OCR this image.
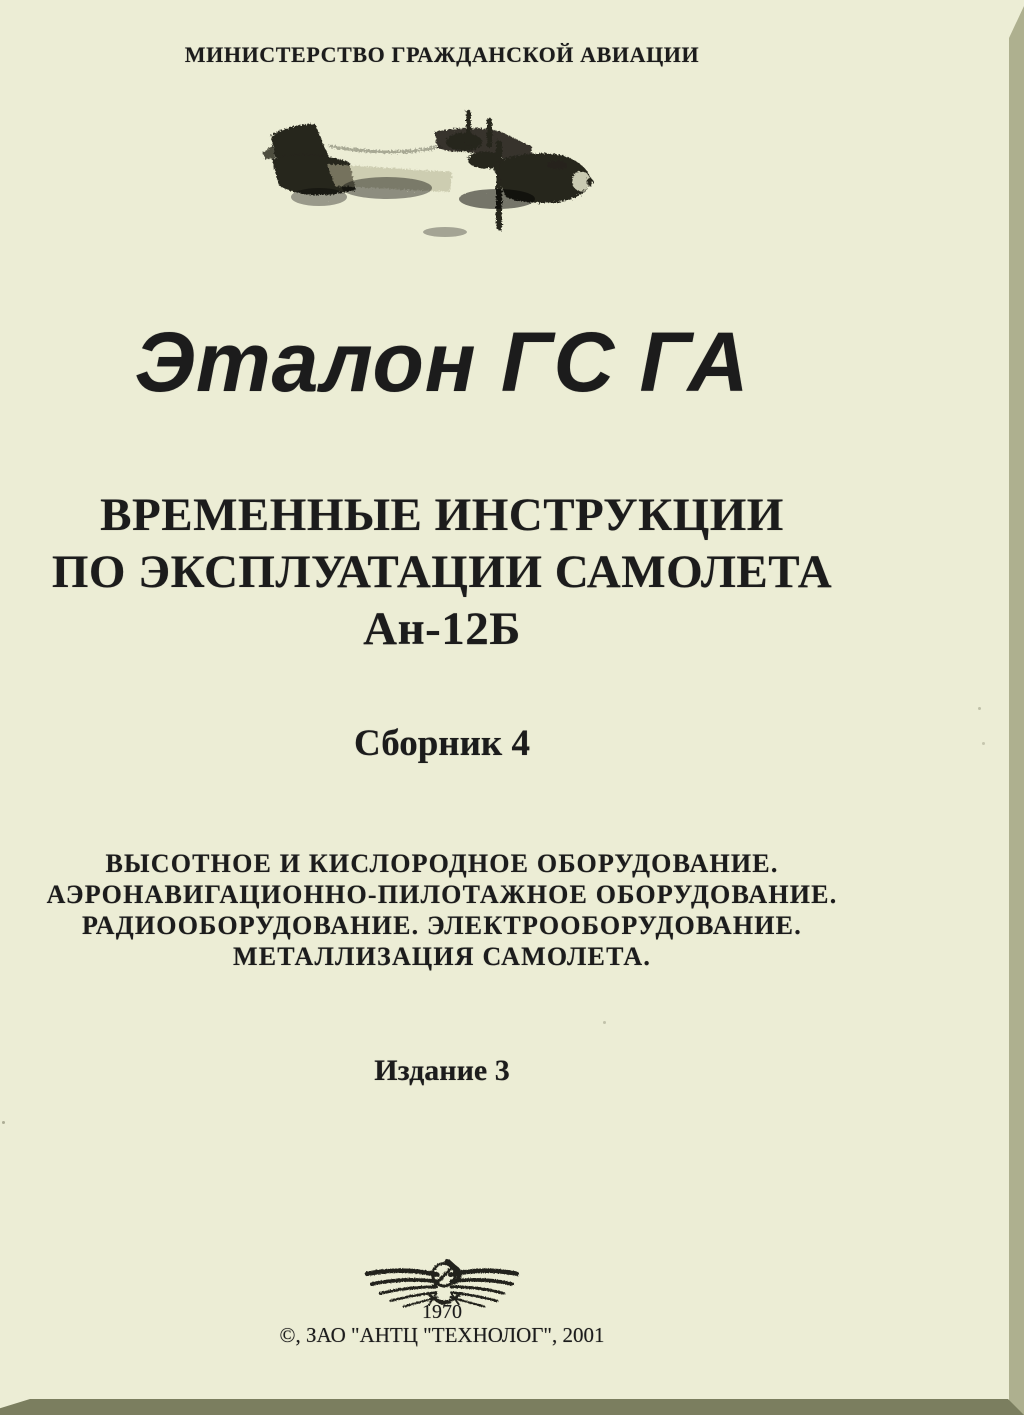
МИНИСТЕРСТВО ГРАЖДАНСКОЙ АВИАЦИИ
Эталон ГС ГА
ВРЕМЕННЫЕ ИНСТРУКЦИИ
ПО ЭКСПЛУАТАЦИИ САМОЛЕТА
Ан-12Б
Сборник 4
ВЫСОТНОЕ И КИСЛОРОДНОЕ ОБОРУДОВАНИЕ.
АЭРОНАВИГАЦИОННО-ПИЛОТАЖНОЕ ОБОРУДОВАНИЕ.
РАДИООБОРУДОВАНИЕ. ЭЛЕКТРООБОРУДОВАНИЕ.
МЕТАЛЛИЗАЦИЯ САМОЛЕТА.
Издание 3
1970
©, ЗАО "АНТЦ "ТЕХНОЛОГ", 2001
